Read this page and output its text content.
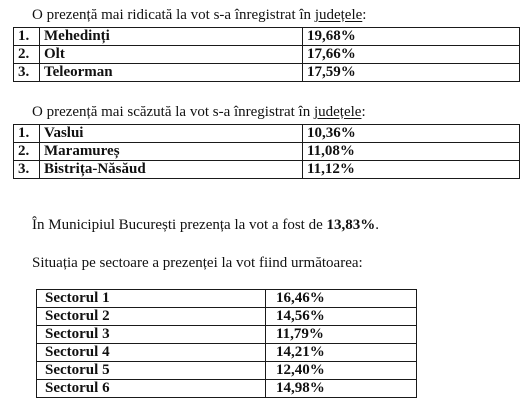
O prezență mai ridicată la vot s-a înregistrat în județele:
1.	Mehedinți	19,68%
2.	Olt	17,66%
3.	Teleorman	17,59%
O prezență mai scăzută la vot s-a înregistrat în județele:
1.	Vaslui	10,36%
2.	Maramureș	11,08%
3.	Bistrița-Năsăud	11,12%
În Municipiul București prezența la vot a fost de 13,83%.
Situația pe sectoare a prezenței la vot fiind următoarea:
Sectorul 1	16,46%
Sectorul 2	14,56%
Sectorul 3	11,79%
Sectorul 4	14,21%
Sectorul 5	12,40%
Sectorul 6	14,98%
